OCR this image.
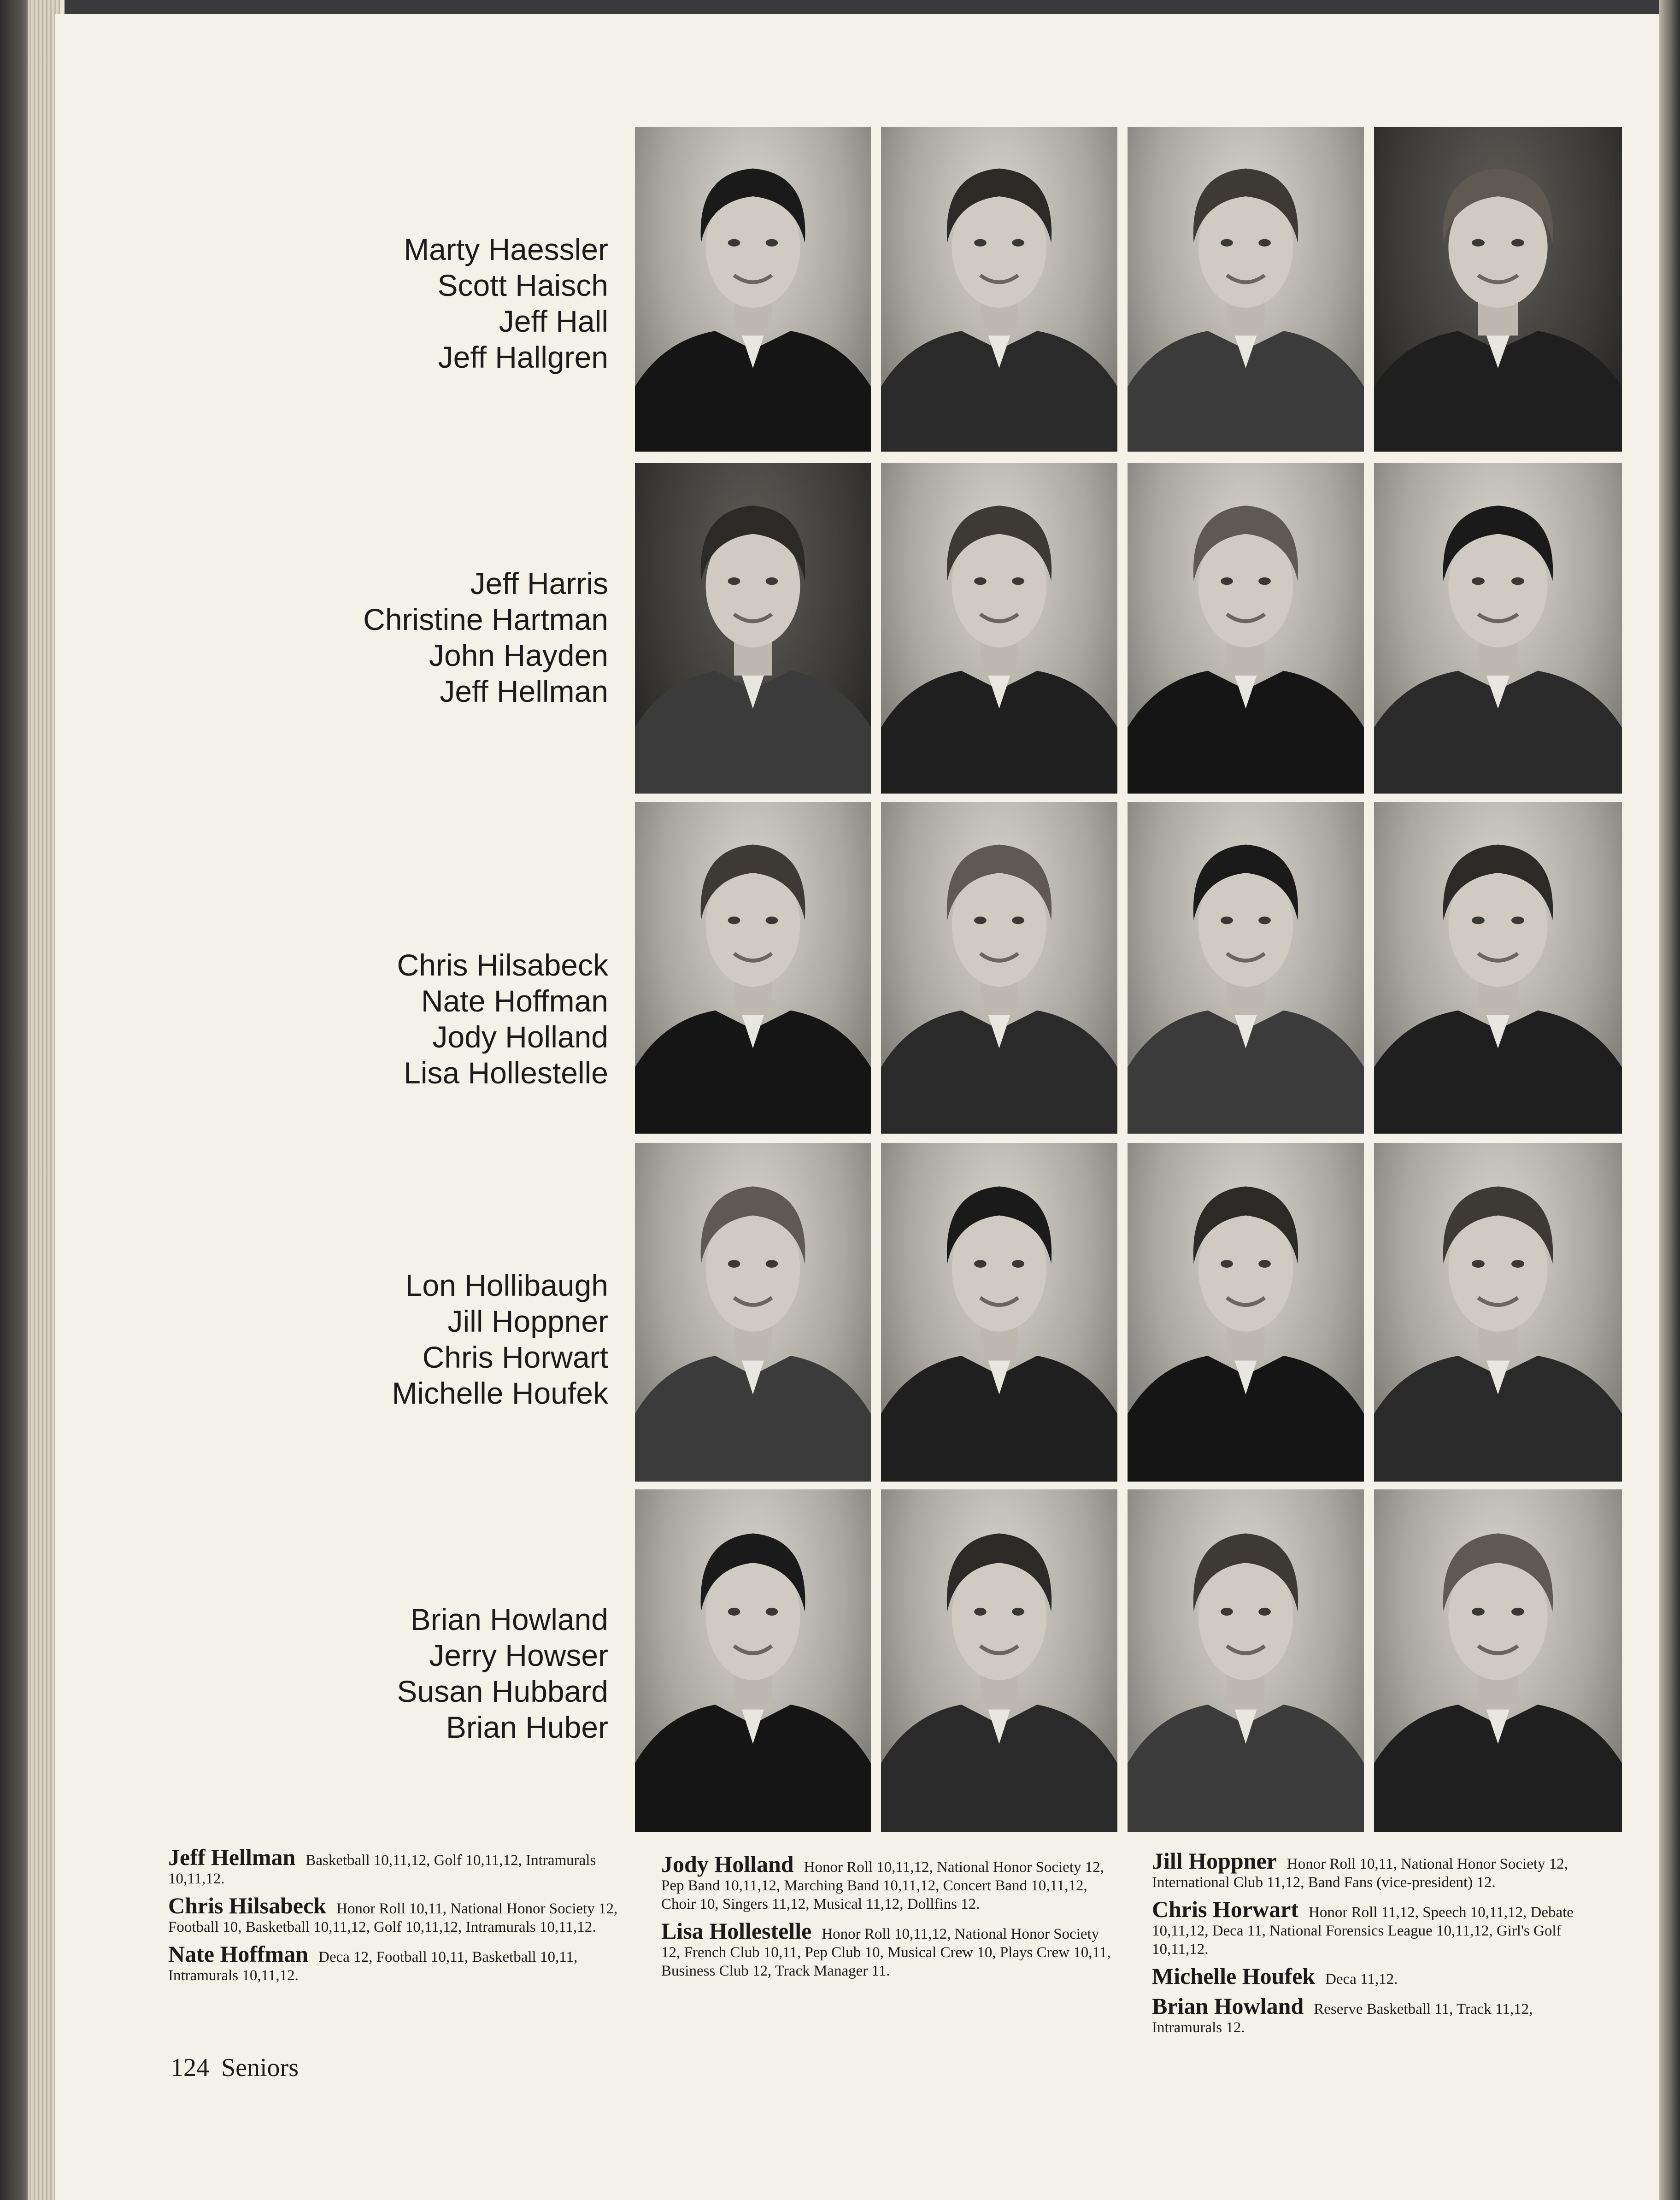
Marty Haessler
Scott Haisch
Jeff Hall
Jeff Hallgren
Jeff Harris
Christine Hartman
John Hayden
Jeff Hellman
Chris Hilsabeck
Nate Hoffman
Jody Holland
Lisa Hollestelle
Lon Hollibaugh
Jill Hoppner
Chris Horwart
Michelle Houfek
Brian Howland
Jerry Howser
Susan Hubbard
Brian Huber

Jeff Hellman Basketball 10,11,12, Golf 10,11,12, Intramurals 10,11,12.

Chris Hilsabeck Honor Roll 10,11, National Honor Society 12, Football 10, Basketball 10,11,12, Golf 10,11,12, Intramurals 10,11,12.

Nate Hoffman Deca 12, Football 10,11, Basketball 10,11, Intramurals 10,11,12.

Jody Holland Honor Roll 10,11,12, National Honor Society 12, Pep Band 10,11,12, Marching Band 10,11,12, Concert Band 10,11,12, Choir 10, Singers 11,12, Musical 11,12, Dollfins 12.

Lisa Hollestelle Honor Roll 10,11,12, National Honor Society 12, French Club 10,11, Pep Club 10, Musical Crew 10, Plays Crew 10,11, Business Club 12, Track Manager 11.

Jill Hoppner Honor Roll 10,11, National Honor Society 12, International Club 11,12, Band Fans (vice-president) 12.

Chris Horwart Honor Roll 11,12, Speech 10,11,12, Debate 10,11,12, Deca 11, National Forensics League 10,11,12, Girl's Golf 10,11,12.

Michelle Houfek Deca 11,12.

Brian Howland Reserve Basketball 11, Track 11,12, Intramurals 12.

124 Seniors
